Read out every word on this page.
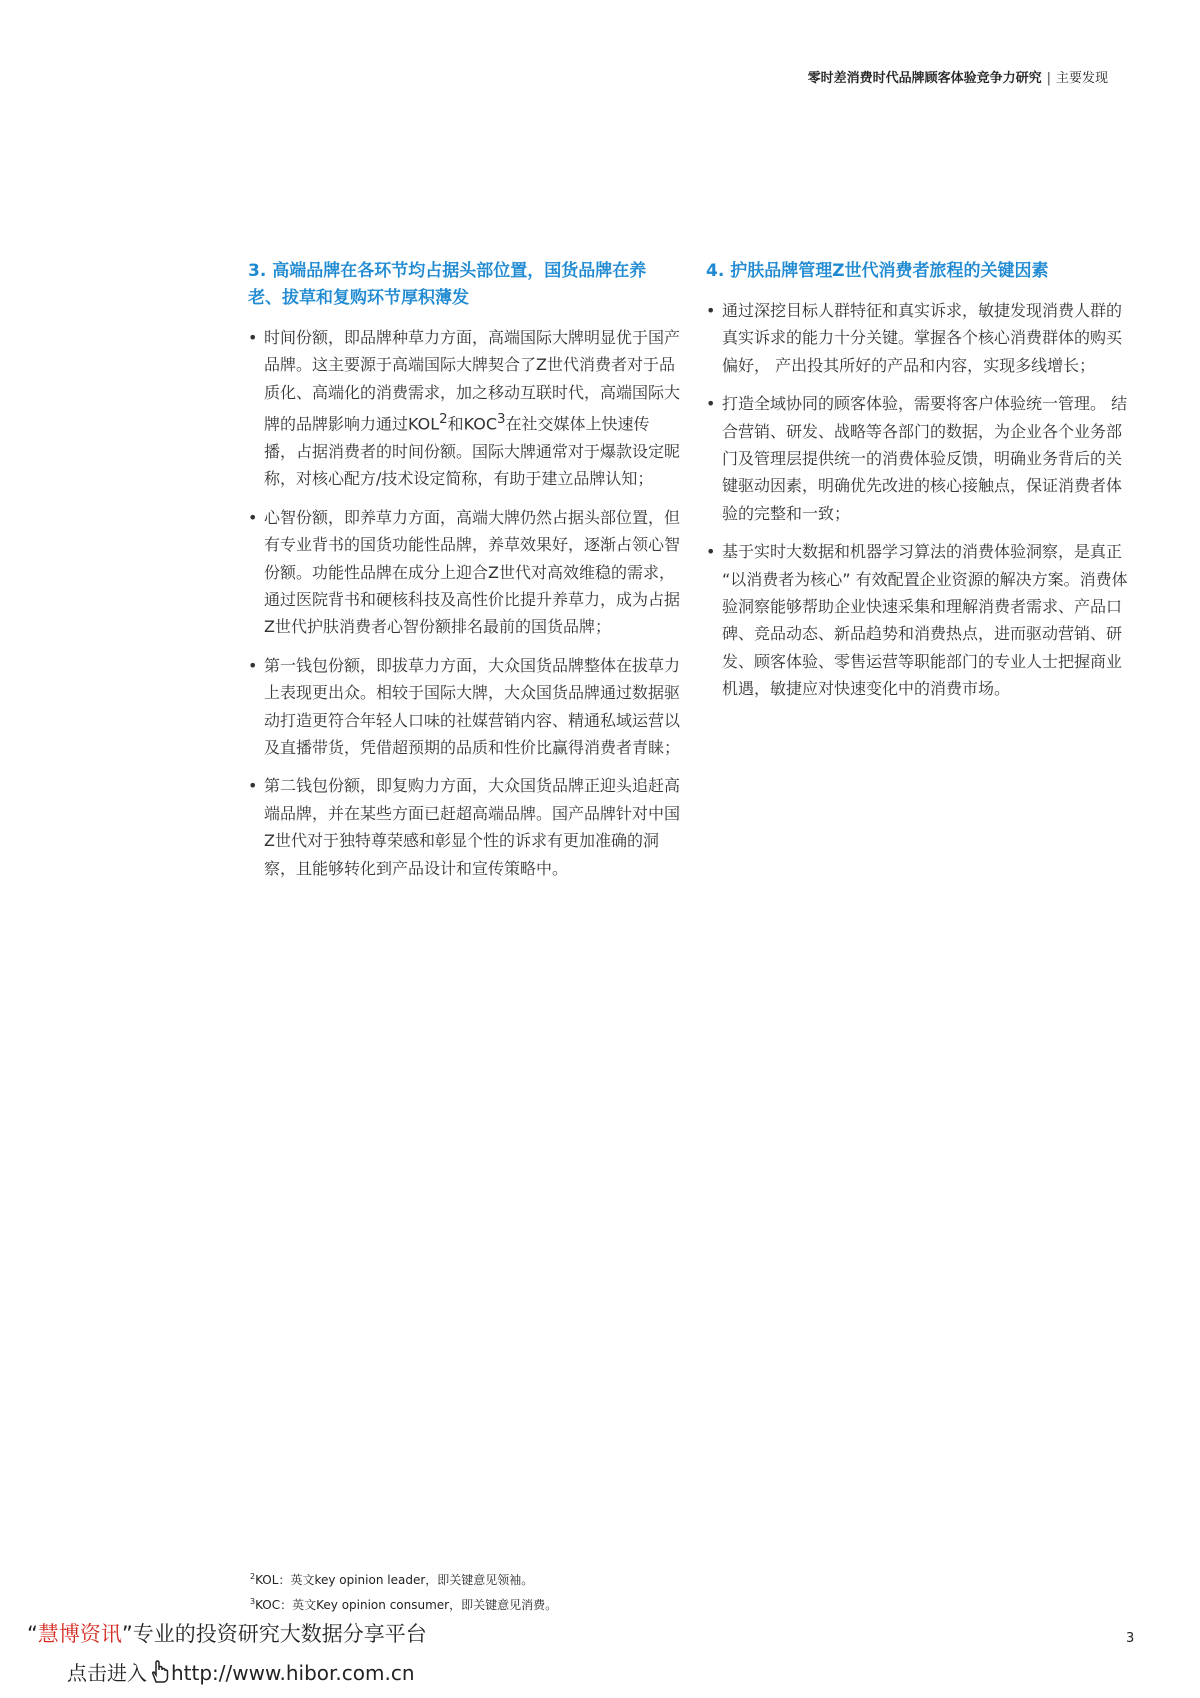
零时差消费时代品牌顾客体验竞争力研究 | 主要发现
3. 高端品牌在各环节均占据头部位置，国货品牌在养老、拔草和复购环节厚积薄发
• 时间份额，即品牌种草力方面，高端国际大牌明显优于国产品牌。这主要源于高端国际大牌契合了Z世代消费者对于品质化、高端化的消费需求，加之移动互联时代，高端国际大牌的品牌影响力通过KOL$^2$和KOC$^3$在社交媒体上快速传播，占据消费者的时间份额。国际大牌通常对于爆款设定昵称，对核心配方/技术设定简称，有助于建立品牌认知；
• 心智份额，即养草力方面，高端大牌仍然占据头部位置，但有专业背书的国货功能性品牌，养草效果好，逐渐占领心智份额。功能性品牌在成分上迎合Z世代对高效维稳的需求，通过医院背书和硬核科技及高性价比提升养草力，成为占据Z世代护肤消费者心智份额排名最前的国货品牌；
• 第一钱包份额，即拔草力方面，大众国货品牌整体在拔草力上表现更出众。相较于国际大牌，大众国货品牌通过数据驱动打造更符合年轻人口味的社媒营销内容、精通私域运营以及直播带货，凭借超预期的品质和性价比赢得消费者青睐；
• 第二钱包份额，即复购力方面，大众国货品牌正迎头追赶高端品牌，并在某些方面已赶超高端品牌。国产品牌针对中国Z世代对于独特尊荣感和彰显个性的诉求有更加准确的洞察，且能够转化到产品设计和宣传策略中。
4. 护肤品牌管理Z世代消费者旅程的关键因素
• 通过深挖目标人群特征和真实诉求，敏捷发现消费人群的真实诉求的能力十分关键。掌握各个核心消费群体的购买偏好， 产出投其所好的产品和内容，实现多线增长；
• 打造全域协同的顾客体验，需要将客户体验统一管理。 结合营销、研发、战略等各部门的数据，为企业各个业务部门及管理层提供统一的消费体验反馈，明确业务背后的关键驱动因素，明确优先改进的核心接触点，保证消费者体验的完整和一致；
• 基于实时大数据和机器学习算法的消费体验洞察，是真正 “以消费者为核心” 有效配置企业资源的解决方案。消费体验洞察能够帮助企业快速采集和理解消费者需求、产品口碑、竞品动态、新品趋势和消费热点，进而驱动营销、研发、顾客体验、零售运营等职能部门的专业人士把握商业机遇，敏捷应对快速变化中的消费市场。
$^2$KOL：英文key opinion leader，即关键意见领袖。
$^3$KOC：英文Key opinion consumer，即关键意见消费。
“慧博资讯”专业的投资研究大数据分享平台
点击进入 http://www.hibor.com.cn
3
